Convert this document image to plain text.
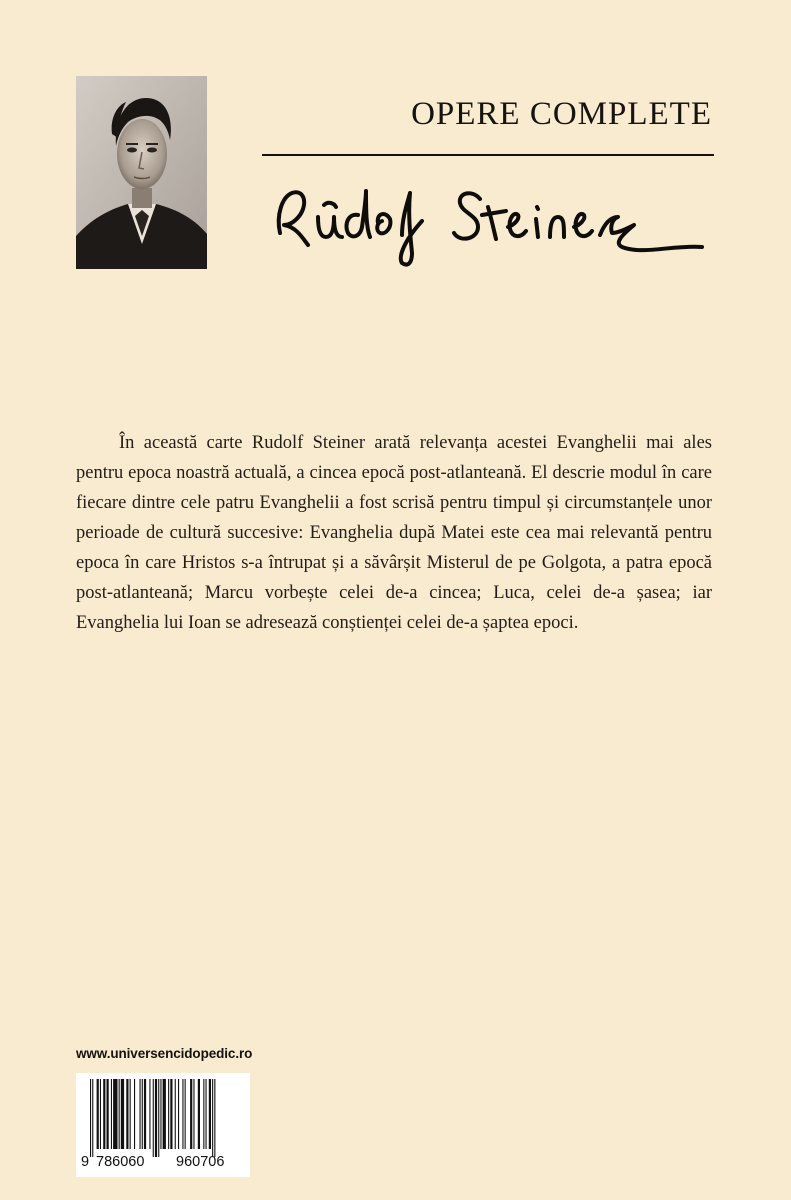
OPERE COMPLETE

În această carte Rudolf Steiner arată relevanța acestei Evanghelii mai ales pentru epoca noastră actuală, a cincea epocă post-atlanteană. El descrie modul în care fiecare dintre cele patru Evanghelii a fost scrisă pentru timpul și circumstanțele unor perioade de cultură succesive: Evanghelia după Matei este cea mai relevantă pentru epoca în care Hristos s-a întrupat și a săvârșit Misterul de pe Golgota, a patra epocă post-atlanteană; Marcu vorbește celei de-a cincea; Luca, celei de-a șasea; iar Evanghelia lui Ioan se adresează conștienței celei de-a șaptea epoci.

www.universencidopedic.ro
9 786060 960706
